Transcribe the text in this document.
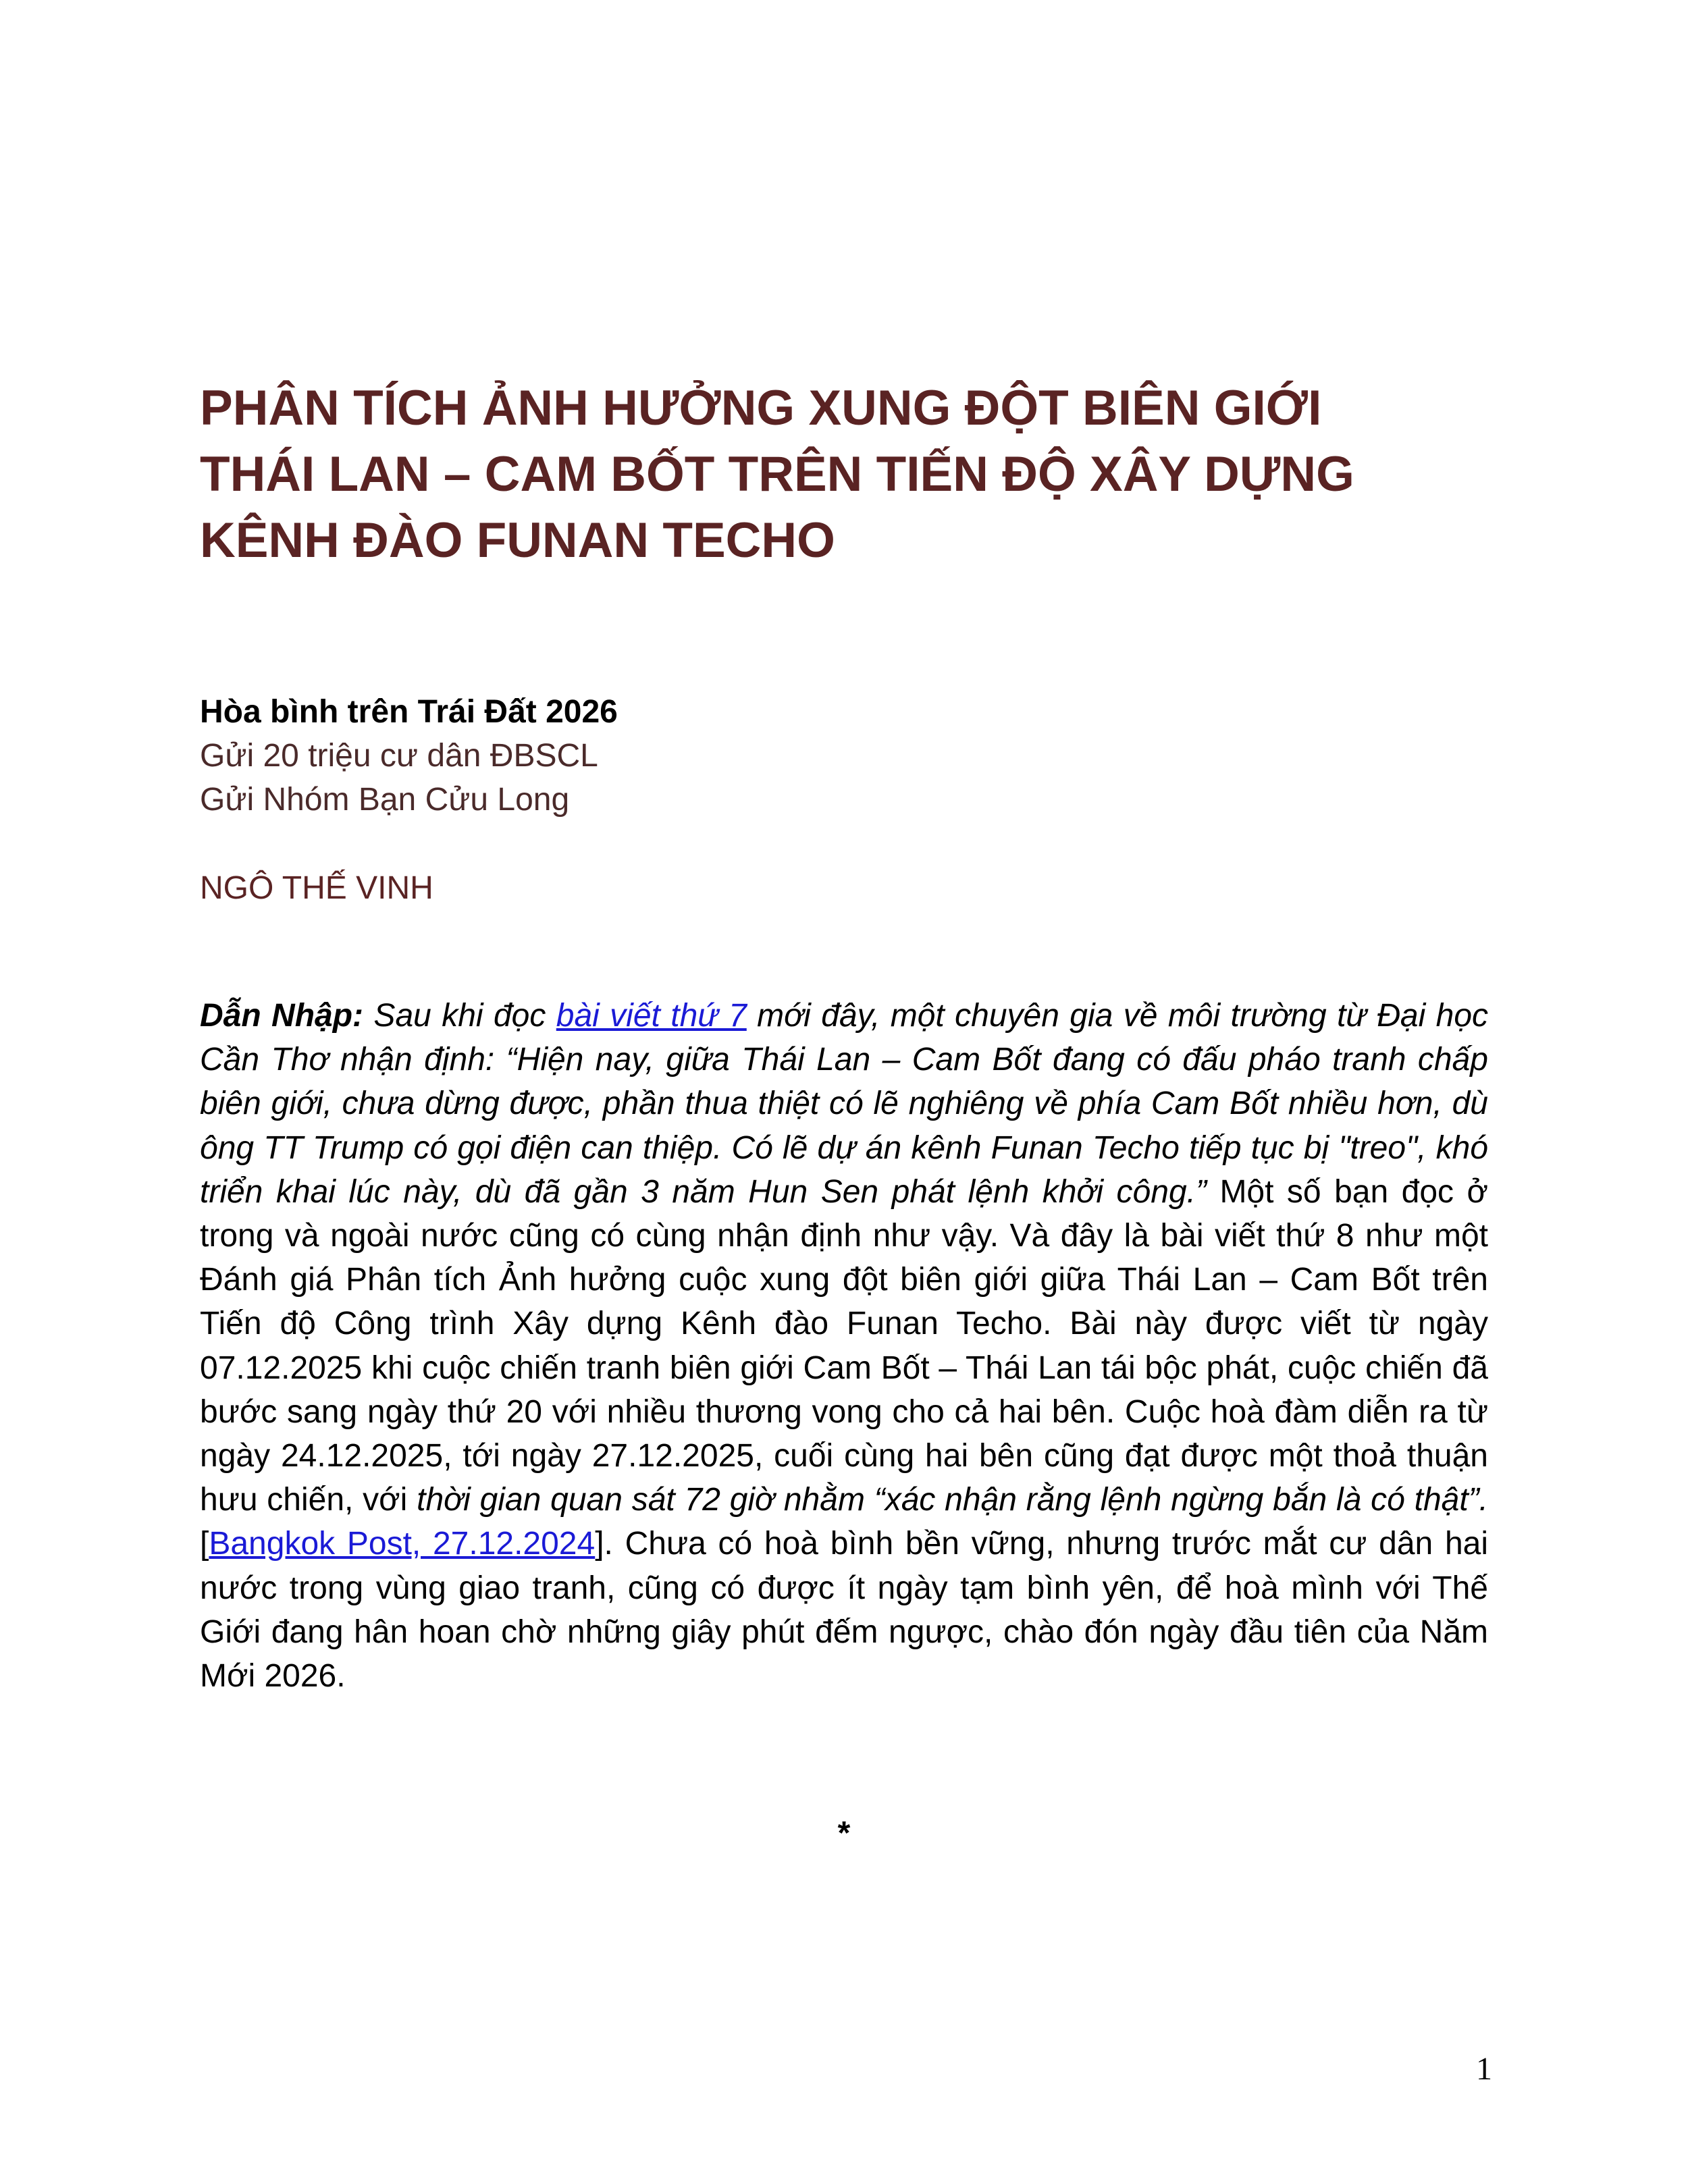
PHÂN TÍCH ẢNH HƯỞNG XUNG ĐỘT BIÊN GIỚI
THÁI LAN – CAM BỐT TRÊN TIẾN ĐỘ XÂY DỰNG
KÊNH ĐÀO FUNAN TECHO
Hòa bình trên Trái Đất 2026
Gửi 20 triệu cư dân ĐBSCL
Gửi Nhóm Bạn Cửu Long
NGÔ THẾ VINH

Dẫn Nhập: Sau khi đọc bài viết thứ 7 mới đây, một chuyên gia về môi trường từ Đại học Cần Thơ nhận định: “Hiện nay, giữa Thái Lan – Cam Bốt đang có đấu pháo tranh chấp biên giới, chưa dừng được, phần thua thiệt có lẽ nghiêng về phía Cam Bốt nhiều hơn, dù ông TT Trump có gọi điện can thiệp. Có lẽ dự án kênh Funan Techo tiếp tục bị "treo", khó triển khai lúc này, dù đã gần 3 năm Hun Sen phát lệnh khởi công.” Một số bạn đọc ở trong và ngoài nước cũng có cùng nhận định như vậy. Và đây là bài viết thứ 8 như một Đánh giá Phân tích Ảnh hưởng cuộc xung đột biên giới giữa Thái Lan – Cam Bốt trên Tiến độ Công trình Xây dựng Kênh đào Funan Techo. Bài này được viết từ ngày 07.12.2025 khi cuộc chiến tranh biên giới Cam Bốt – Thái Lan tái bộc phát, cuộc chiến đã bước sang ngày thứ 20 với nhiều thương vong cho cả hai bên. Cuộc hoà đàm diễn ra từ ngày 24.12.2025, tới ngày 27.12.2025, cuối cùng hai bên cũng đạt được một thoả thuận hưu chiến, với thời gian quan sát 72 giờ nhằm “xác nhận rằng lệnh ngừng bắn là có thật”. [Bangkok Post, 27.12.2024]. Chưa có hoà bình bền vững, nhưng trước mắt cư dân hai nước trong vùng giao tranh, cũng có được ít ngày tạm bình yên, để hoà mình với Thế Giới đang hân hoan chờ những giây phút đếm ngược, chào đón ngày đầu tiên của Năm Mới 2026.

*
1
